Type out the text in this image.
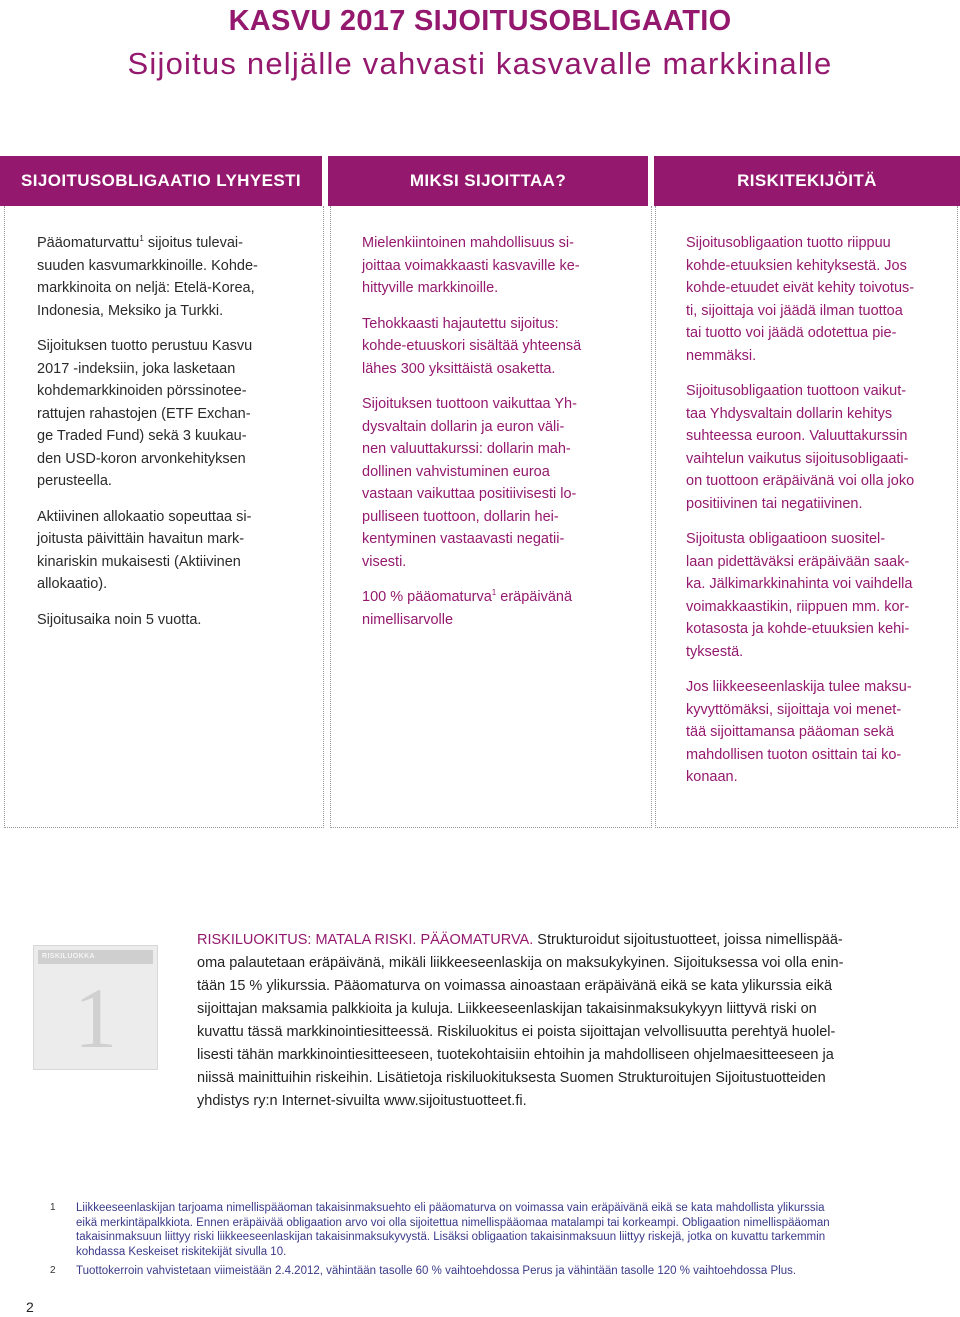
KASVU 2017 SIJOITUSOBLIGAATIO
Sijoitus neljälle vahvasti kasvavalle markkinalle
SIJOITUSOBLIGAATIO LYHYESTI	MIKSI SIJOITTAA?	RISKITEKIJÖITÄ

Pääomaturvattu$^1$ sijoitus tulevai-
suuden kasvumarkkinoille. Kohde-
markkinoita on neljä: Etelä-Korea,
Indonesia, Meksiko ja Turkki.

Sijoituksen tuotto perustuu Kasvu
2017 -indeksiin, joka lasketaan
kohdemarkkinoiden pörssinotee-
rattujen rahastojen (ETF Exchan-
ge Traded Fund) sekä 3 kuukau-
den USD-koron arvonkehityksen
perusteella.

Aktiivinen allokaatio sopeuttaa si-
joitusta päivittäin havaitun mark-
kinariskin mukaisesti (Aktiivinen
allokaatio).

Sijoitusaika noin 5 vuotta.

Mielenkiintoinen mahdollisuus si-
joittaa voimakkaasti kasvaville ke-
hittyville markkinoille.

Tehokkaasti hajautettu sijoitus:
kohde-etuuskori sisältää yhteensä
lähes 300 yksittäistä osaketta.

Sijoituksen tuottoon vaikuttaa Yh-
dysvaltain dollarin ja euron väli-
nen valuuttakurssi: dollarin mah-
dollinen vahvistuminen euroa
vastaan vaikuttaa positiivisesti lo-
pulliseen tuottoon, dollarin hei-
kentyminen vastaavasti negatii-
visesti.

100 % pääomaturva$^1$ eräpäivänä
nimellisarvolle

Sijoitusobligaation tuotto riippuu
kohde-etuuksien kehityksestä. Jos
kohde-etuudet eivät kehity toivotus-
ti, sijoittaja voi jäädä ilman tuottoa
tai tuotto voi jäädä odotettua pie-
nemmäksi.

Sijoitusobligaation tuottoon vaikut-
taa Yhdysvaltain dollarin kehitys
suhteessa euroon. Valuuttakurssin
vaihtelun vaikutus sijoitusobligaati-
on tuottoon eräpäivänä voi olla joko
positiivinen tai negatiivinen.

Sijoitusta obligaatioon suositel-
laan pidettäväksi eräpäivään saak-
ka. Jälkimarkkinahinta voi vaihdella
voimakkaastikin, riippuen mm. kor-
kotasosta ja kohde-etuuksien kehi-
tyksestä.

Jos liikkeeseenlaskija tulee maksu-
kyvyttömäksi, sijoittaja voi menet-
tää sijoittamansa pääoman sekä
mahdollisen tuoton osittain tai ko-
konaan.

RISKILUOKKA
1
RISKILUOKITUS: MATALA RISKI. PÄÄOMATURVA. Strukturoidut sijoitustuotteet, joissa nimellispää-
oma palautetaan eräpäivänä, mikäli liikkeeseenlaskija on maksukykyinen. Sijoituksessa voi olla enin-
tään 15 % ylikurssia. Pääomaturva on voimassa ainoastaan eräpäivänä eikä se kata ylikurssia eikä
sijoittajan maksamia palkkioita ja kuluja. Liikkeeseenlaskijan takaisinmaksukykyyn liittyvä riski on
kuvattu tässä markkinointiesitteessä. Riskiluokitus ei poista sijoittajan velvollisuutta perehtyä huolel-
lisesti tähän markkinointiesitteeseen, tuotekohtaisiin ehtoihin ja mahdolliseen ohjelmaesitteeseen ja
niissä mainittuihin riskeihin. Lisätietoja riskiluokituksesta Suomen Strukturoitujen Sijoitustuotteiden
yhdistys ry:n Internet-sivuilta www.sijoitustuotteet.fi.
1 Liikkeeseenlaskijan tarjoama nimellispääoman takaisinmaksuehto eli pääomaturva on voimassa vain eräpäivänä eikä se kata mahdollista ylikurssia
eikä merkintäpalkkiota. Ennen eräpäivää obligaation arvo voi olla sijoitettua nimellispääomaa matalampi tai korkeampi. Obligaation nimellispääoman
takaisinmaksuun liittyy riski liikkeeseenlaskijan takaisinmaksukyvystä. Lisäksi obligaation takaisinmaksuun liittyy riskejä, jotka on kuvattu tarkemmin
kohdassa Keskeiset riskitekijät sivulla 10.
2 Tuottokerroin vahvistetaan viimeistään 2.4.2012, vähintään tasolle 60 % vaihtoehdossa Perus ja vähintään tasolle 120 % vaihtoehdossa Plus.
2
